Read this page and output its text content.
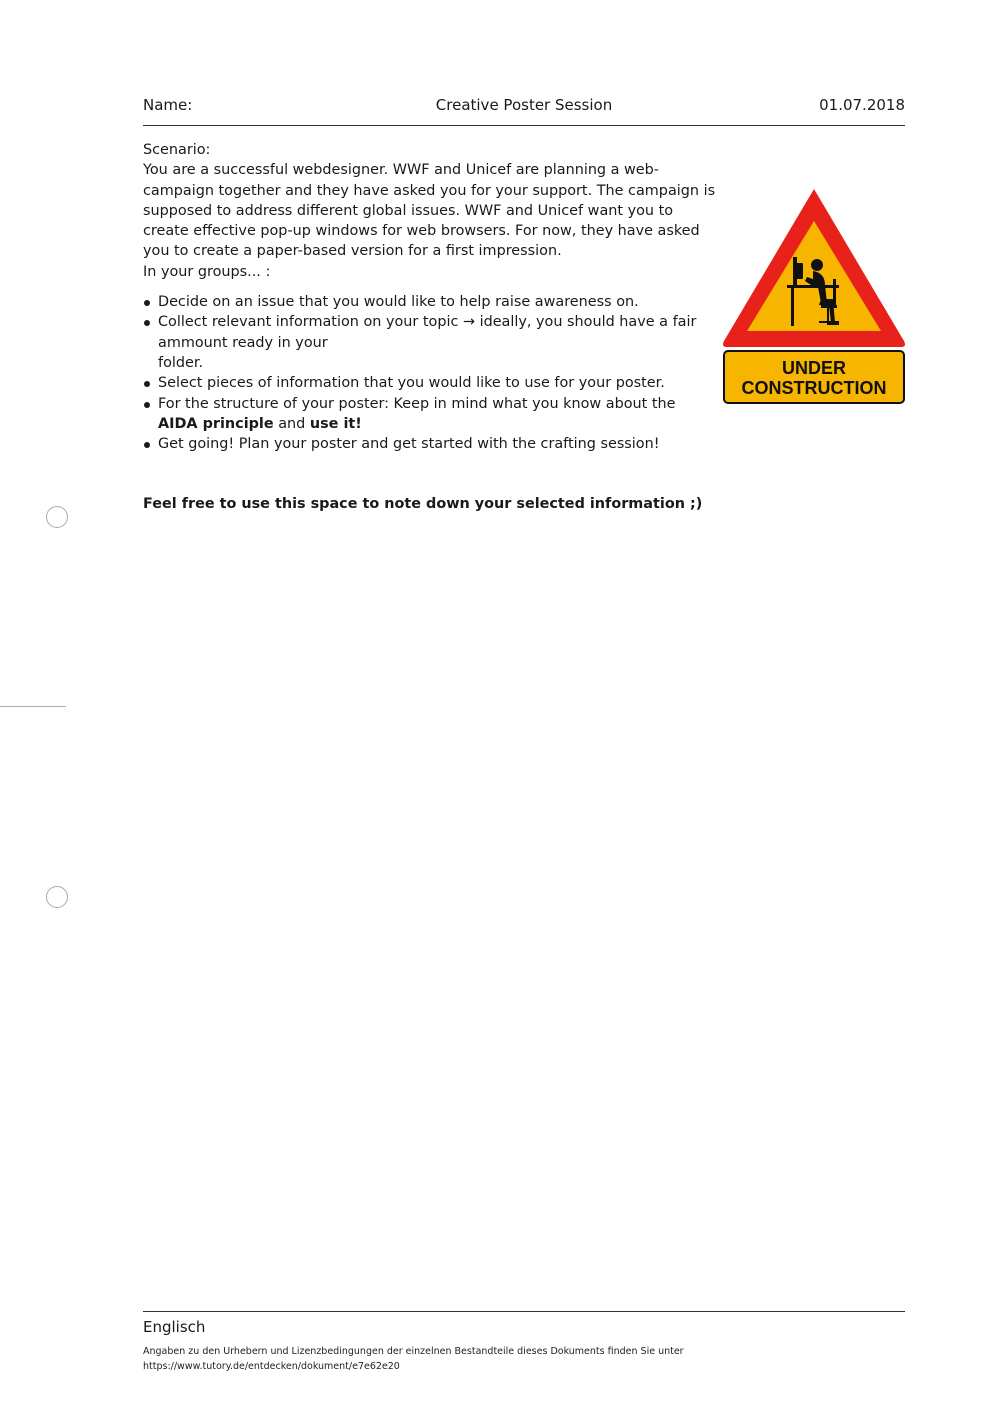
Name:	Creative Poster Session	01.07.2018

Scenario:

You are a successful webdesigner. WWF and Unicef are planning a web-campaign together and they have asked you for your support. The campaign is supposed to address different global issues. WWF and Unicef want you to create effective pop-up windows for web browsers. For now, they have asked you to create a paper-based version for a first impression.

In your groups... :

Decide on an issue that you would like to help raise awareness on.
Collect relevant information on your topic → ideally, you should have a fair ammount ready in your
folder.
Select pieces of information that you would like to use for your poster.
For the structure of your poster: Keep in mind what you know about the AIDA principle and use it!
Get going! Plan your poster and get started with the crafting session!
UNDER
CONSTRUCTION
Feel free to use this space to note down your selected information ;)
Englisch
Angaben zu den Urhebern und Lizenzbedingungen der einzelnen Bestandteile dieses Dokuments finden Sie unter
https://www.tutory.de/entdecken/dokument/e7e62e20
